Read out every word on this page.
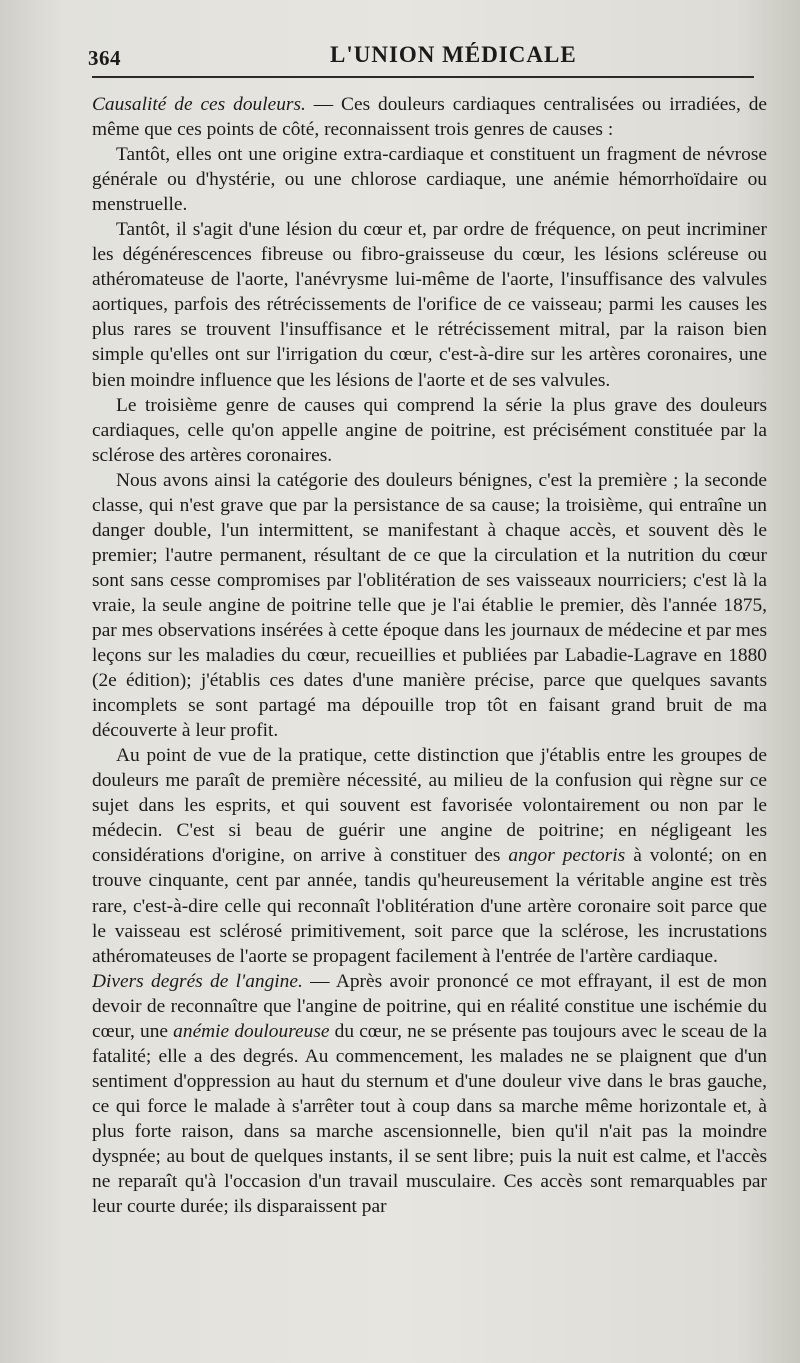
364	L'UNION MÉDICALE

Causalité de ces douleurs. — Ces douleurs cardiaques centralisées ou irradiées, de même que ces points de côté, reconnaissent trois genres de causes :

Tantôt, elles ont une origine extra-cardiaque et constituent un fragment de névrose générale ou d'hystérie, ou une chlorose cardiaque, une anémie hémorrhoïdaire ou menstruelle.

Tantôt, il s'agit d'une lésion du cœur et, par ordre de fréquence, on peut incriminer les dégénérescences fibreuse ou fibro-graisseuse du cœur, les lésions scléreuse ou athéromateuse de l'aorte, l'anévrysme lui-même de l'aorte, l'insuffisance des valvules aortiques, parfois des rétrécissements de l'orifice de ce vaisseau; parmi les causes les plus rares se trouvent l'insuffisance et le rétrécissement mitral, par la raison bien simple qu'elles ont sur l'irrigation du cœur, c'est-à-dire sur les artères coronaires, une bien moindre influence que les lésions de l'aorte et de ses valvules.

Le troisième genre de causes qui comprend la série la plus grave des douleurs cardiaques, celle qu'on appelle angine de poitrine, est précisément constituée par la sclérose des artères coronaires.

Nous avons ainsi la catégorie des douleurs bénignes, c'est la première ; la seconde classe, qui n'est grave que par la persistance de sa cause; la troisième, qui entraîne un danger double, l'un intermittent, se manifestant à chaque accès, et souvent dès le premier; l'autre permanent, résultant de ce que la circulation et la nutrition du cœur sont sans cesse compromises par l'oblitération de ses vaisseaux nourriciers; c'est là la vraie, la seule angine de poitrine telle que je l'ai établie le premier, dès l'année 1875, par mes observations insérées à cette époque dans les journaux de médecine et par mes leçons sur les maladies du cœur, recueillies et publiées par Labadie-Lagrave en 1880 (2e édition); j'établis ces dates d'une manière précise, parce que quelques savants incomplets se sont partagé ma dépouille trop tôt en faisant grand bruit de ma découverte à leur profit.

Au point de vue de la pratique, cette distinction que j'établis entre les groupes de douleurs me paraît de première nécessité, au milieu de la confusion qui règne sur ce sujet dans les esprits, et qui souvent est favorisée volontairement ou non par le médecin. C'est si beau de guérir une angine de poitrine; en négligeant les considérations d'origine, on arrive à constituer des angor pectoris à volonté; on en trouve cinquante, cent par année, tandis qu'heureusement la véritable angine est très rare, c'est-à-dire celle qui reconnaît l'oblitération d'une artère coronaire soit parce que le vaisseau est sclérosé primitivement, soit parce que la sclérose, les incrustations athéromateuses de l'aorte se propagent facilement à l'entrée de l'artère cardiaque.

Divers degrés de l'angine. — Après avoir prononcé ce mot effrayant, il est de mon devoir de reconnaître que l'angine de poitrine, qui en réalité constitue une ischémie du cœur, une anémie douloureuse du cœur, ne se présente pas toujours avec le sceau de la fatalité; elle a des degrés. Au commencement, les malades ne se plaignent que d'un sentiment d'oppression au haut du sternum et d'une douleur vive dans le bras gauche, ce qui force le malade à s'arrêter tout à coup dans sa marche même horizontale et, à plus forte raison, dans sa marche ascensionnelle, bien qu'il n'ait pas la moindre dyspnée; au bout de quelques instants, il se sent libre; puis la nuit est calme, et l'accès ne reparaît qu'à l'occasion d'un travail musculaire. Ces accès sont remarquables par leur courte durée; ils disparaissent par
